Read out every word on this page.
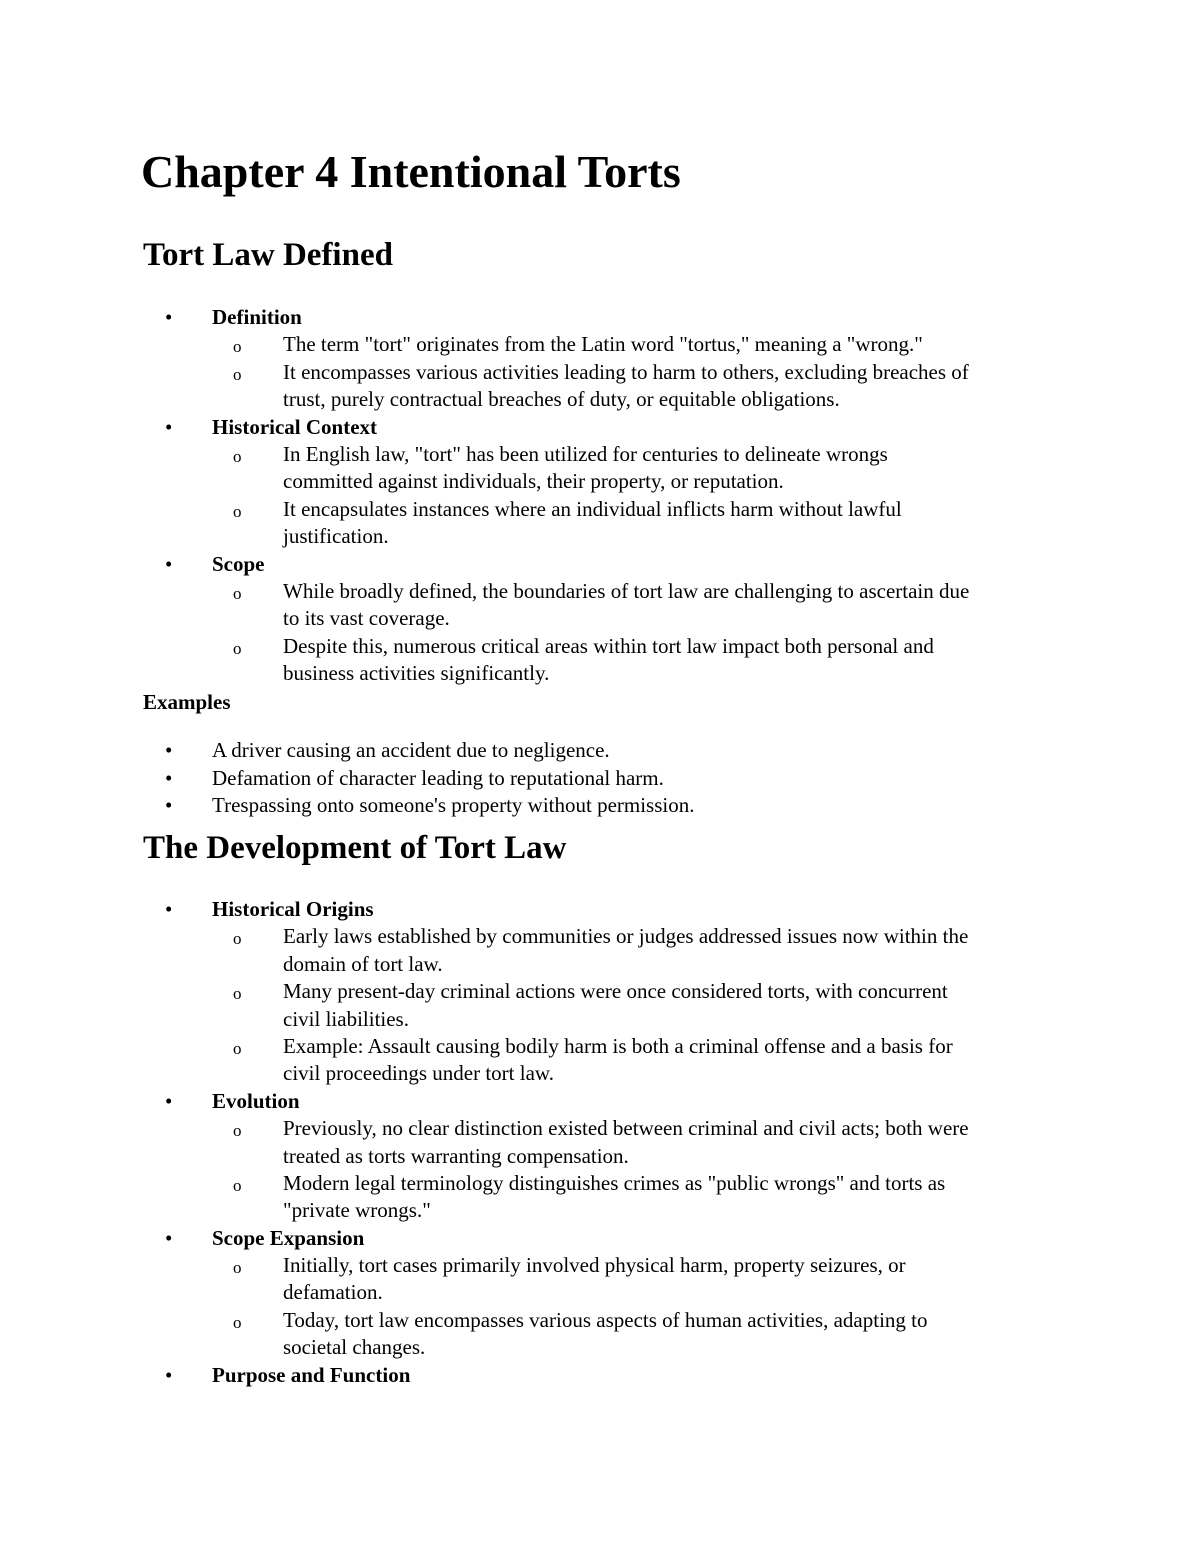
Chapter 4 Intentional Torts
Tort Law Defined
• Definition
o The term "tort" originates from the Latin word "tortus," meaning a "wrong."
o It encompasses various activities leading to harm to others, excluding breaches of
trust, purely contractual breaches of duty, or equitable obligations.
• Historical Context
o In English law, "tort" has been utilized for centuries to delineate wrongs
committed against individuals, their property, or reputation.
o It encapsulates instances where an individual inflicts harm without lawful
justification.
• Scope
o While broadly defined, the boundaries of tort law are challenging to ascertain due
to its vast coverage.
o Despite this, numerous critical areas within tort law impact both personal and
business activities significantly.
Examples
• A driver causing an accident due to negligence.
• Defamation of character leading to reputational harm.
• Trespassing onto someone's property without permission.
The Development of Tort Law
• Historical Origins
o Early laws established by communities or judges addressed issues now within the
domain of tort law.
o Many present-day criminal actions were once considered torts, with concurrent
civil liabilities.
o Example: Assault causing bodily harm is both a criminal offense and a basis for
civil proceedings under tort law.
• Evolution
o Previously, no clear distinction existed between criminal and civil acts; both were
treated as torts warranting compensation.
o Modern legal terminology distinguishes crimes as "public wrongs" and torts as
"private wrongs."
• Scope Expansion
o Initially, tort cases primarily involved physical harm, property seizures, or
defamation.
o Today, tort law encompasses various aspects of human activities, adapting to
societal changes.
• Purpose and Function
